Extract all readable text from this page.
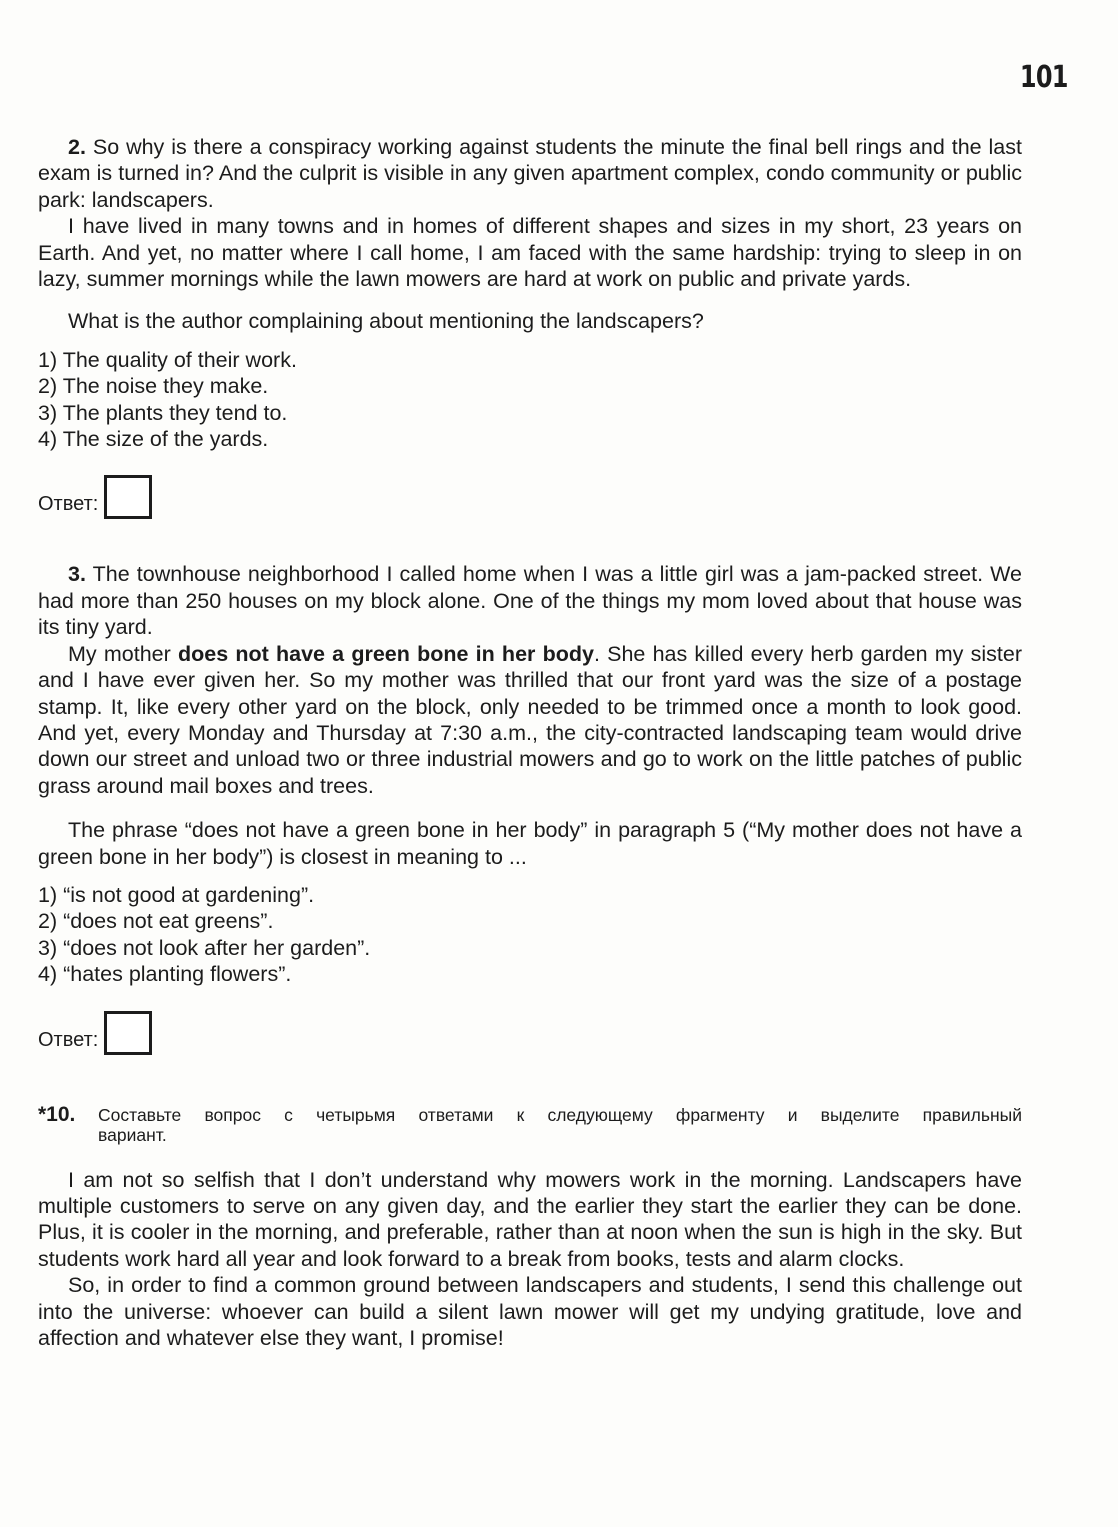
101

2. So why is there a conspiracy working against students the minute the final bell rings and the last exam is turned in? And the culprit is visible in any given apartment complex, condo community or public park: landscapers.

I have lived in many towns and in homes of different shapes and sizes in my short, 23 years on Earth. And yet, no matter where I call home, I am faced with the same hardship: trying to sleep in on lazy, summer mornings while the lawn mowers are hard at work on public and private yards.

What is the author complaining about mentioning the landscapers?

1) The quality of their work.
2) The noise they make.
3) The plants they tend to.
4) The size of the yards.
Ответ:

3. The townhouse neighborhood I called home when I was a little girl was a jam-packed street. We had more than 250 houses on my block alone. One of the things my mom loved about that house was its tiny yard.

My mother does not have a green bone in her body. She has killed every herb garden my sister and I have ever given her. So my mother was thrilled that our front yard was the size of a postage stamp. It, like every other yard on the block, only needed to be trimmed once a month to look good. And yet, every Monday and Thursday at 7:30 a.m., the city-contracted landscaping team would drive down our street and unload two or three industrial mowers and go to work on the little patches of public grass around mail boxes and trees.

The phrase “does not have a green bone in her body” in paragraph 5 (“My mother does not have a green bone in her body”) is closest in meaning to ...

1) “is not good at gardening”.
2) “does not eat greens”.
3) “does not look after her garden”.
4) “hates planting flowers”.
Ответ:
*10.	Составьте вопрос с четырьмя ответами к следующему фрагменту и выделите правильный
вариант.

I am not so selfish that I don’t understand why mowers work in the morning. Landscapers have multiple customers to serve on any given day, and the earlier they start the earlier they can be done. Plus, it is cooler in the morning, and preferable, rather than at noon when the sun is high in the sky. But students work hard all year and look forward to a break from books, tests and alarm clocks.

So, in order to find a common ground between landscapers and students, I send this challenge out into the universe: whoever can build a silent lawn mower will get my undying gratitude, love and affection and whatever else they want, I promise!
